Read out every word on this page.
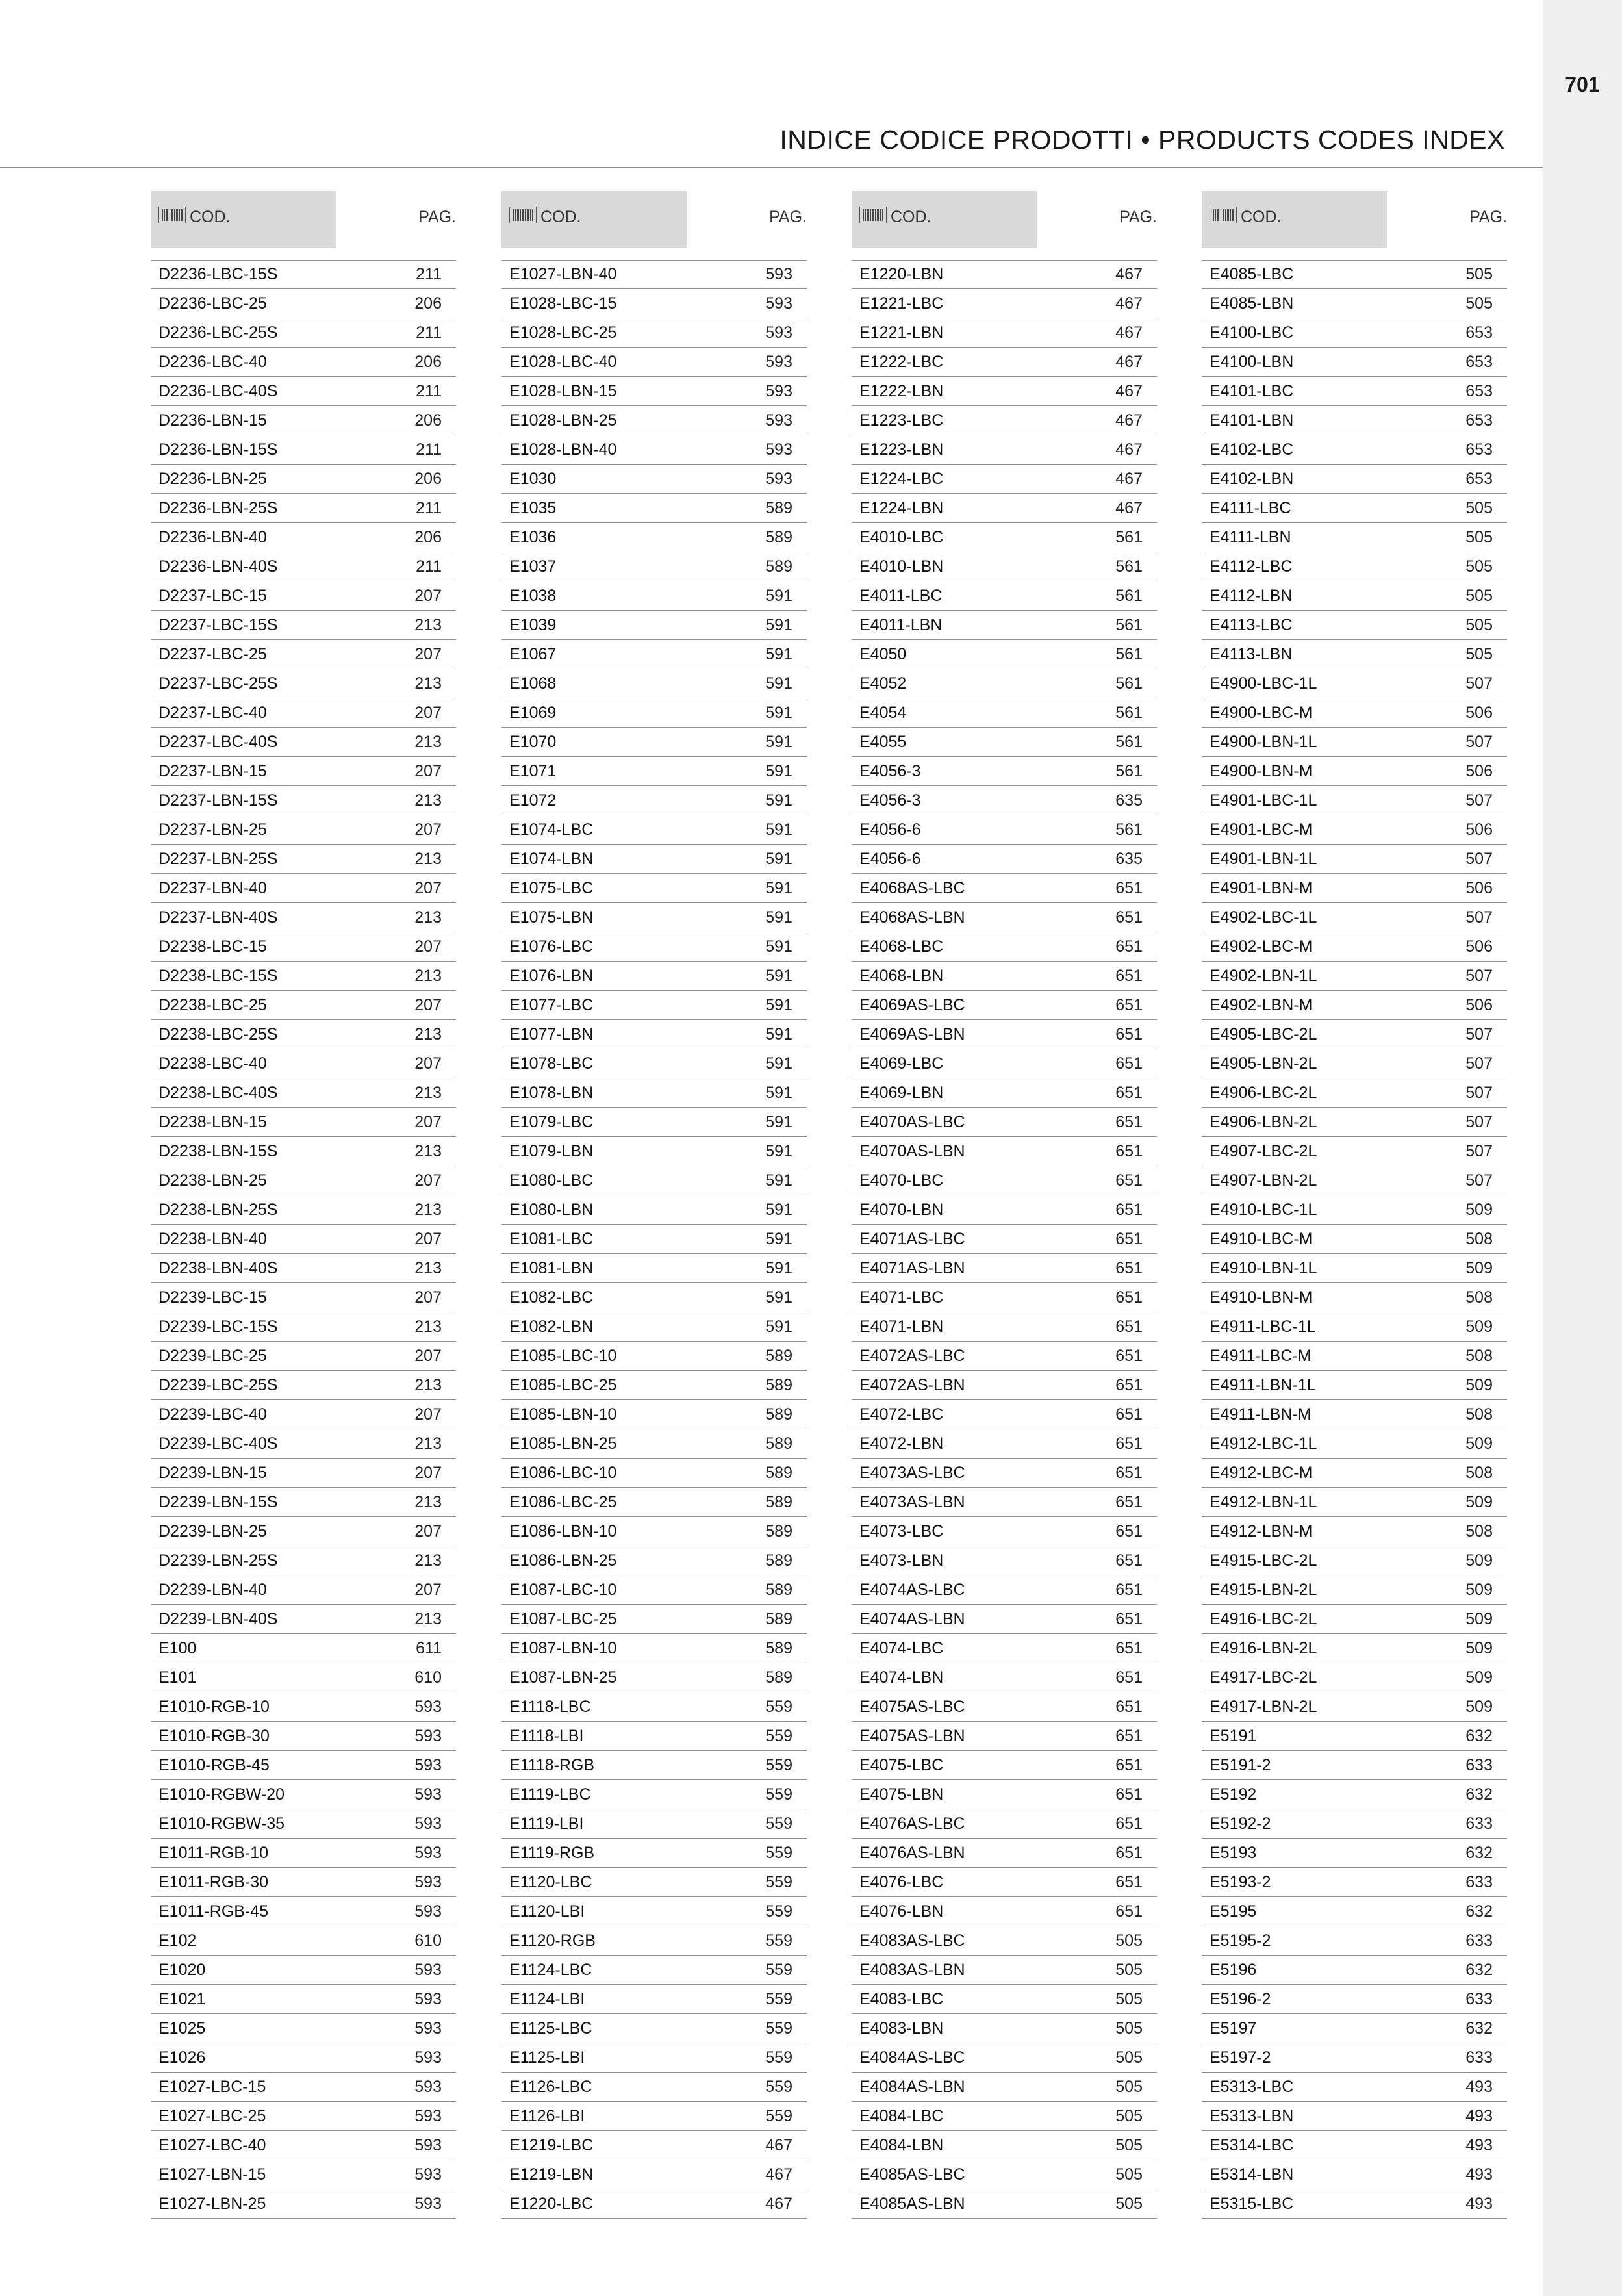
701
INDICE CODICE PRODOTTI • PRODUCTS CODES INDEX
COD.	PAG.
D2236-LBC-15S	211
D2236-LBC-25	206
D2236-LBC-25S	211
D2236-LBC-40	206
D2236-LBC-40S	211
D2236-LBN-15	206
D2236-LBN-15S	211
D2236-LBN-25	206
D2236-LBN-25S	211
D2236-LBN-40	206
D2236-LBN-40S	211
D2237-LBC-15	207
D2237-LBC-15S	213
D2237-LBC-25	207
D2237-LBC-25S	213
D2237-LBC-40	207
D2237-LBC-40S	213
D2237-LBN-15	207
D2237-LBN-15S	213
D2237-LBN-25	207
D2237-LBN-25S	213
D2237-LBN-40	207
D2237-LBN-40S	213
D2238-LBC-15	207
D2238-LBC-15S	213
D2238-LBC-25	207
D2238-LBC-25S	213
D2238-LBC-40	207
D2238-LBC-40S	213
D2238-LBN-15	207
D2238-LBN-15S	213
D2238-LBN-25	207
D2238-LBN-25S	213
D2238-LBN-40	207
D2238-LBN-40S	213
D2239-LBC-15	207
D2239-LBC-15S	213
D2239-LBC-25	207
D2239-LBC-25S	213
D2239-LBC-40	207
D2239-LBC-40S	213
D2239-LBN-15	207
D2239-LBN-15S	213
D2239-LBN-25	207
D2239-LBN-25S	213
D2239-LBN-40	207
D2239-LBN-40S	213
E100	611
E101	610
E1010-RGB-10	593
E1010-RGB-30	593
E1010-RGB-45	593
E1010-RGBW-20	593
E1010-RGBW-35	593
E1011-RGB-10	593
E1011-RGB-30	593
E1011-RGB-45	593
E102	610
E1020	593
E1021	593
E1025	593
E1026	593
E1027-LBC-15	593
E1027-LBC-25	593
E1027-LBC-40	593
E1027-LBN-15	593
E1027-LBN-25	593
COD.	PAG.
E1027-LBN-40	593
E1028-LBC-15	593
E1028-LBC-25	593
E1028-LBC-40	593
E1028-LBN-15	593
E1028-LBN-25	593
E1028-LBN-40	593
E1030	593
E1035	589
E1036	589
E1037	589
E1038	591
E1039	591
E1067	591
E1068	591
E1069	591
E1070	591
E1071	591
E1072	591
E1074-LBC	591
E1074-LBN	591
E1075-LBC	591
E1075-LBN	591
E1076-LBC	591
E1076-LBN	591
E1077-LBC	591
E1077-LBN	591
E1078-LBC	591
E1078-LBN	591
E1079-LBC	591
E1079-LBN	591
E1080-LBC	591
E1080-LBN	591
E1081-LBC	591
E1081-LBN	591
E1082-LBC	591
E1082-LBN	591
E1085-LBC-10	589
E1085-LBC-25	589
E1085-LBN-10	589
E1085-LBN-25	589
E1086-LBC-10	589
E1086-LBC-25	589
E1086-LBN-10	589
E1086-LBN-25	589
E1087-LBC-10	589
E1087-LBC-25	589
E1087-LBN-10	589
E1087-LBN-25	589
E1118-LBC	559
E1118-LBI	559
E1118-RGB	559
E1119-LBC	559
E1119-LBI	559
E1119-RGB	559
E1120-LBC	559
E1120-LBI	559
E1120-RGB	559
E1124-LBC	559
E1124-LBI	559
E1125-LBC	559
E1125-LBI	559
E1126-LBC	559
E1126-LBI	559
E1219-LBC	467
E1219-LBN	467
E1220-LBC	467
COD.	PAG.
E1220-LBN	467
E1221-LBC	467
E1221-LBN	467
E1222-LBC	467
E1222-LBN	467
E1223-LBC	467
E1223-LBN	467
E1224-LBC	467
E1224-LBN	467
E4010-LBC	561
E4010-LBN	561
E4011-LBC	561
E4011-LBN	561
E4050	561
E4052	561
E4054	561
E4055	561
E4056-3	561
E4056-3	635
E4056-6	561
E4056-6	635
E4068AS-LBC	651
E4068AS-LBN	651
E4068-LBC	651
E4068-LBN	651
E4069AS-LBC	651
E4069AS-LBN	651
E4069-LBC	651
E4069-LBN	651
E4070AS-LBC	651
E4070AS-LBN	651
E4070-LBC	651
E4070-LBN	651
E4071AS-LBC	651
E4071AS-LBN	651
E4071-LBC	651
E4071-LBN	651
E4072AS-LBC	651
E4072AS-LBN	651
E4072-LBC	651
E4072-LBN	651
E4073AS-LBC	651
E4073AS-LBN	651
E4073-LBC	651
E4073-LBN	651
E4074AS-LBC	651
E4074AS-LBN	651
E4074-LBC	651
E4074-LBN	651
E4075AS-LBC	651
E4075AS-LBN	651
E4075-LBC	651
E4075-LBN	651
E4076AS-LBC	651
E4076AS-LBN	651
E4076-LBC	651
E4076-LBN	651
E4083AS-LBC	505
E4083AS-LBN	505
E4083-LBC	505
E4083-LBN	505
E4084AS-LBC	505
E4084AS-LBN	505
E4084-LBC	505
E4084-LBN	505
E4085AS-LBC	505
E4085AS-LBN	505
COD.	PAG.
E4085-LBC	505
E4085-LBN	505
E4100-LBC	653
E4100-LBN	653
E4101-LBC	653
E4101-LBN	653
E4102-LBC	653
E4102-LBN	653
E4111-LBC	505
E4111-LBN	505
E4112-LBC	505
E4112-LBN	505
E4113-LBC	505
E4113-LBN	505
E4900-LBC-1L	507
E4900-LBC-M	506
E4900-LBN-1L	507
E4900-LBN-M	506
E4901-LBC-1L	507
E4901-LBC-M	506
E4901-LBN-1L	507
E4901-LBN-M	506
E4902-LBC-1L	507
E4902-LBC-M	506
E4902-LBN-1L	507
E4902-LBN-M	506
E4905-LBC-2L	507
E4905-LBN-2L	507
E4906-LBC-2L	507
E4906-LBN-2L	507
E4907-LBC-2L	507
E4907-LBN-2L	507
E4910-LBC-1L	509
E4910-LBC-M	508
E4910-LBN-1L	509
E4910-LBN-M	508
E4911-LBC-1L	509
E4911-LBC-M	508
E4911-LBN-1L	509
E4911-LBN-M	508
E4912-LBC-1L	509
E4912-LBC-M	508
E4912-LBN-1L	509
E4912-LBN-M	508
E4915-LBC-2L	509
E4915-LBN-2L	509
E4916-LBC-2L	509
E4916-LBN-2L	509
E4917-LBC-2L	509
E4917-LBN-2L	509
E5191	632
E5191-2	633
E5192	632
E5192-2	633
E5193	632
E5193-2	633
E5195	632
E5195-2	633
E5196	632
E5196-2	633
E5197	632
E5197-2	633
E5313-LBC	493
E5313-LBN	493
E5314-LBC	493
E5314-LBN	493
E5315-LBC	493
